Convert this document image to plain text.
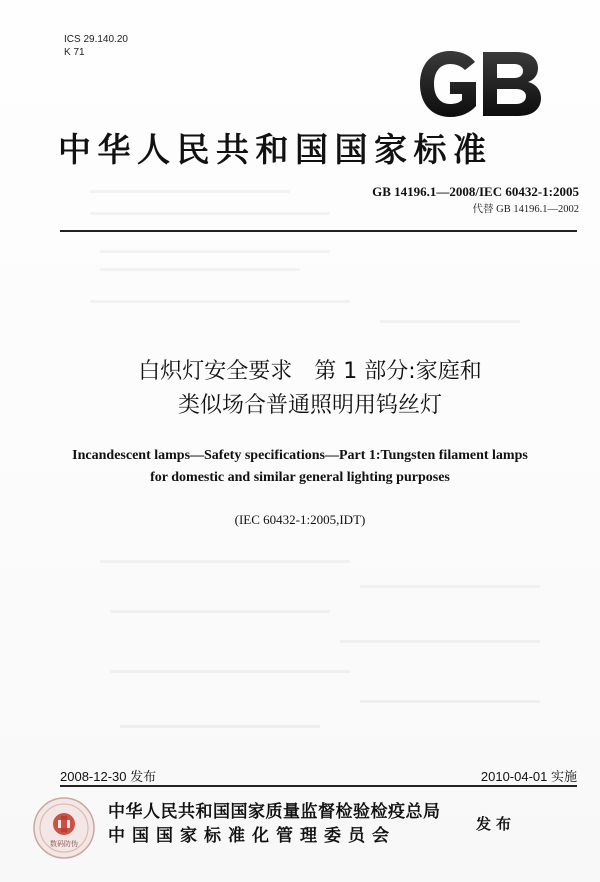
ICS 29.140.20
K 71
中华人民共和国国家标准
GB 14196.1—2008/IEC 60432-1:2005
代替 GB 14196.1—2002
白炽灯安全要求　第 1 部分:家庭和
类似场合普通照明用钨丝灯
Incandescent lamps—Safety specifications—Part 1:Tungsten filament lamps
for domestic and similar general lighting purposes
(IEC 60432-1:2005,IDT)
2008-12-30 发布	2010-04-01 实施
数码防伪
中华人民共和国国家质量监督检验检疫总局
中国国家标准化管理委员会
发布
